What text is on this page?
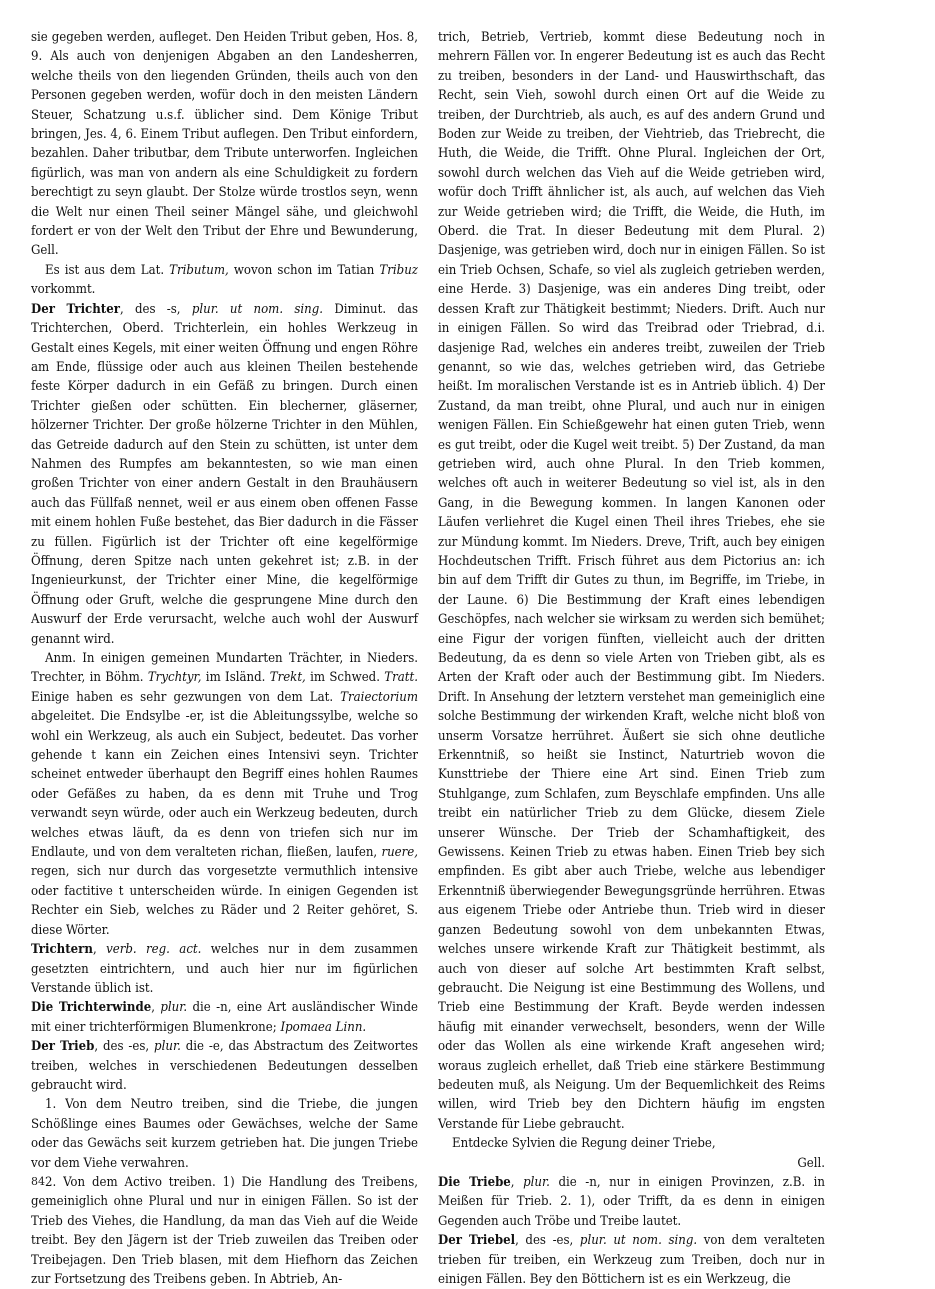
sie gegeben werden, aufleget. Den Heiden Tribut geben, Hos. 8, 9. Als auch von denjenigen Abgaben an den Landesherren, welche theils von den liegenden Gründen, theils auch von den Personen gegeben werden, wofür doch in den meisten Ländern Steuer, Schatzung u.s.f. üblicher sind. Dem Könige Tribut bringen, Jes. 4, 6. Einem Tribut auflegen. Den Tribut einfordern, bezahlen. Daher tributbar, dem Tribute unterworfen. Ingleichen figürlich, was man von andern als eine Schuldigkeit zu fordern berechtigt zu seyn glaubt. Der Stolze würde trostlos seyn, wenn die Welt nur einen Theil seiner Mängel sähe, und gleichwohl fordert er von der Welt den Tribut der Ehre und Bewunderung, Gell.

Es ist aus dem Lat. Tributum, wovon schon im Tatian Tribuz vorkommt.

Der Trichter, des -s, plur. ut nom. sing. Diminut. das Trichterchen, Oberd. Trichterlein, ein hohles Werkzeug in Gestalt eines Kegels, mit einer weiten Öffnung und engen Röhre am Ende, flüssige oder auch aus kleinen Theilen bestehende feste Körper dadurch in ein Gefäß zu bringen. Durch einen Trichter gießen oder schütten. Ein blecherner, gläserner, hölzerner Trichter. Der große hölzerne Trichter in den Mühlen, das Getreide dadurch auf den Stein zu schütten, ist unter dem Nahmen des Rumpfes am bekanntesten, so wie man einen großen Trichter von einer andern Gestalt in den Brauhäusern auch das Füllfaß nennet, weil er aus einem oben offenen Fasse mit einem hohlen Fuße bestehet, das Bier dadurch in die Fässer zu füllen. Figürlich ist der Trichter oft eine kegelförmige Öffnung, deren Spitze nach unten gekehret ist; z.B. in der Ingenieurkunst, der Trichter einer Mine, die kegelförmige Öffnung oder Gruft, welche die gesprungene Mine durch den Auswurf der Erde verursacht, welche auch wohl der Auswurf genannt wird.

Anm. In einigen gemeinen Mundarten Trächter, in Nieders. Trechter, in Böhm. Trychtyr, im Isländ. Trekt, im Schwed. Tratt. Einige haben es sehr gezwungen von dem Lat. Traiectorium abgeleitet. Die Endsylbe -er, ist die Ableitungssylbe, welche so wohl ein Werkzeug, als auch ein Subject, bedeutet. Das vorher gehende t kann ein Zeichen eines Intensivi seyn. Trichter scheinet entweder überhaupt den Begriff eines hohlen Raumes oder Gefäßes zu haben, da es denn mit Truhe und Trog verwandt seyn würde, oder auch ein Werkzeug bedeuten, durch welches etwas läuft, da es denn von triefen sich nur im Endlaute, und von dem veralteten richan, fließen, laufen, ruere, regen, sich nur durch das vorgesetzte vermuthlich intensive oder factitive t unterscheiden würde. In einigen Gegenden ist Rechter ein Sieb, welches zu Räder und 2 Reiter gehöret, S. diese Wörter.

Trichtern, verb. reg. act. welches nur in dem zusammen gesetzten eintrichtern, und auch hier nur im figürlichen Verstande üblich ist.

Die Trichterwinde, plur. die -n, eine Art ausländischer Winde mit einer trichterförmigen Blumenkrone; Ipomaea Linn.

Der Trieb, des -es, plur. die -e, das Abstractum des Zeitwortes treiben, welches in verschiedenen Bedeutungen desselben gebraucht wird.

1. Von dem Neutro treiben, sind die Triebe, die jungen Schößlinge eines Baumes oder Gewächses, welche der Same oder das Gewächs seit kurzem getrieben hat. Die jungen Triebe vor dem Viehe verwahren.

2. Von dem Activo treiben. 1) Die Handlung des Treibens, gemeiniglich ohne Plural und nur in einigen Fällen. So ist der Trieb des Viehes, die Handlung, da man das Vieh auf die Weide treibt. Bey den Jägern ist der Trieb zuweilen das Treiben oder Treibejagen. Den Trieb blasen, mit dem Hiefhorn das Zeichen zur Fortsetzung des Treibens geben. In Abtrieb, An-

trich, Betrieb, Vertrieb, kommt diese Bedeutung noch in mehrern Fällen vor. In engerer Bedeutung ist es auch das Recht zu treiben, besonders in der Land- und Hauswirthschaft, das Recht, sein Vieh, sowohl durch einen Ort auf die Weide zu treiben, der Durchtrieb, als auch, es auf des andern Grund und Boden zur Weide zu treiben, der Viehtrieb, das Triebrecht, die Huth, die Weide, die Trifft. Ohne Plural. Ingleichen der Ort, sowohl durch welchen das Vieh auf die Weide getrieben wird, wofür doch Trifft ähnlicher ist, als auch, auf welchen das Vieh zur Weide getrieben wird; die Trifft, die Weide, die Huth, im Oberd. die Trat. In dieser Bedeutung mit dem Plural. 2) Dasjenige, was getrieben wird, doch nur in einigen Fällen. So ist ein Trieb Ochsen, Schafe, so viel als zugleich getrieben werden, eine Herde. 3) Dasjenige, was ein anderes Ding treibt, oder dessen Kraft zur Thätigkeit bestimmt; Nieders. Drift. Auch nur in einigen Fällen. So wird das Treibrad oder Triebrad, d.i. dasjenige Rad, welches ein anderes treibt, zuweilen der Trieb genannt, so wie das, welches getrieben wird, das Getriebe heißt. Im moralischen Verstande ist es in Antrieb üblich. 4) Der Zustand, da man treibt, ohne Plural, und auch nur in einigen wenigen Fällen. Ein Schießgewehr hat einen guten Trieb, wenn es gut treibt, oder die Kugel weit treibt. 5) Der Zustand, da man getrieben wird, auch ohne Plural. In den Trieb kommen, welches oft auch in weiterer Bedeutung so viel ist, als in den Gang, in die Bewegung kommen. In langen Kanonen oder Läufen verliehret die Kugel einen Theil ihres Triebes, ehe sie zur Mündung kommt. Im Nieders. Dreve, Trift, auch bey einigen Hochdeutschen Trifft. Frisch führet aus dem Pictorius an: ich bin auf dem Trifft dir Gutes zu thun, im Begriffe, im Triebe, in der Laune. 6) Die Bestimmung der Kraft eines lebendigen Geschöpfes, nach welcher sie wirksam zu werden sich bemühet; eine Figur der vorigen fünften, vielleicht auch der dritten Bedeutung, da es denn so viele Arten von Trieben gibt, als es Arten der Kraft oder auch der Bestimmung gibt. Im Nieders. Drift. In Ansehung der letztern verstehet man gemeiniglich eine solche Bestimmung der wirkenden Kraft, welche nicht bloß von unserm Vorsatze herrühret. Äußert sie sich ohne deutliche Erkenntniß, so heißt sie Instinct, Naturtrieb wovon die Kunsttriebe der Thiere eine Art sind. Einen Trieb zum Stuhlgange, zum Schlafen, zum Beyschlafe empfinden. Uns alle treibt ein natürlicher Trieb zu dem Glücke, diesem Ziele unserer Wünsche. Der Trieb der Schamhaftigkeit, des Gewissens. Keinen Trieb zu etwas haben. Einen Trieb bey sich empfinden. Es gibt aber auch Triebe, welche aus lebendiger Erkenntniß überwiegender Bewegungsgründe herrühren. Etwas aus eigenem Triebe oder Antriebe thun. Trieb wird in dieser ganzen Bedeutung sowohl von dem unbekannten Etwas, welches unsere wirkende Kraft zur Thätigkeit bestimmt, als auch von dieser auf solche Art bestimmten Kraft selbst, gebraucht. Die Neigung ist eine Bestimmung des Wollens, und Trieb eine Bestimmung der Kraft. Beyde werden indessen häufig mit einander verwechselt, besonders, wenn der Wille oder das Wollen als eine wirkende Kraft angesehen wird; woraus zugleich erhellet, daß Trieb eine stärkere Bestimmung bedeuten muß, als Neigung. Um der Bequemlichkeit des Reims willen, wird Trieb bey den Dichtern häufig im engsten Verstande für Liebe gebraucht.

Entdecke Sylvien die Regung deiner Triebe,

Gell.

Die Triebe, plur. die -n, nur in einigen Provinzen, z.B. in Meißen für Trieb. 2. 1), oder Trifft, da es denn in einigen Gegenden auch Tröbe und Treibe lautet.

Der Triebel, des -es, plur. ut nom. sing. von dem veralteten trieben für treiben, ein Werkzeug zum Treiben, doch nur in einigen Fällen. Bey den Böttichern ist es ein Werkzeug, die

84
